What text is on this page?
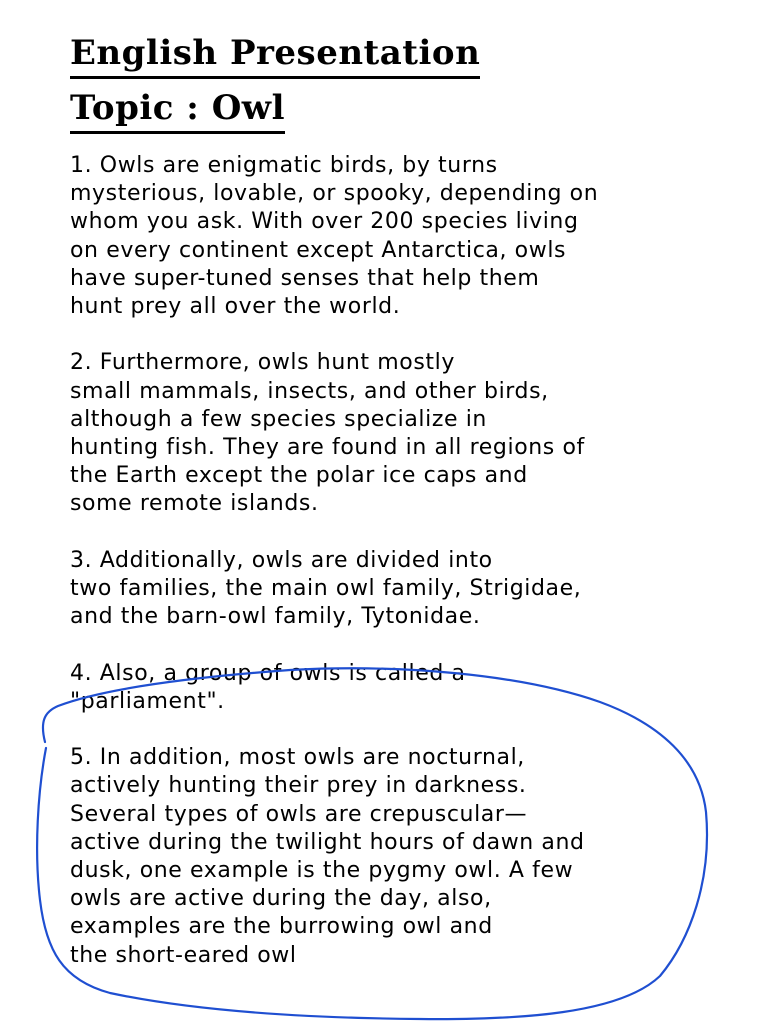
English Presentation
Topic : Owl

1. Owls are enigmatic birds, by turns
mysterious, lovable, or spooky, depending on
whom you ask. With over 200 species living
on every continent except Antarctica, owls
have super-tuned senses that help them
hunt prey all over the world.

2. Furthermore, owls hunt mostly
small mammals, insects, and other birds,
although a few species specialize in
hunting fish. They are found in all regions of
the Earth except the polar ice caps and
some remote islands.

3. Additionally, owls are divided into
two families, the main owl family, Strigidae,
and the barn-owl family, Tytonidae.

4. Also, a group of owls is called a
"parliament".

5. In addition, most owls are nocturnal,
actively hunting their prey in darkness.
Several types of owls are crepuscular—
active during the twilight hours of dawn and
dusk, one example is the pygmy owl. A few
owls are active during the day, also,
examples are the burrowing owl and
the short-eared owl
